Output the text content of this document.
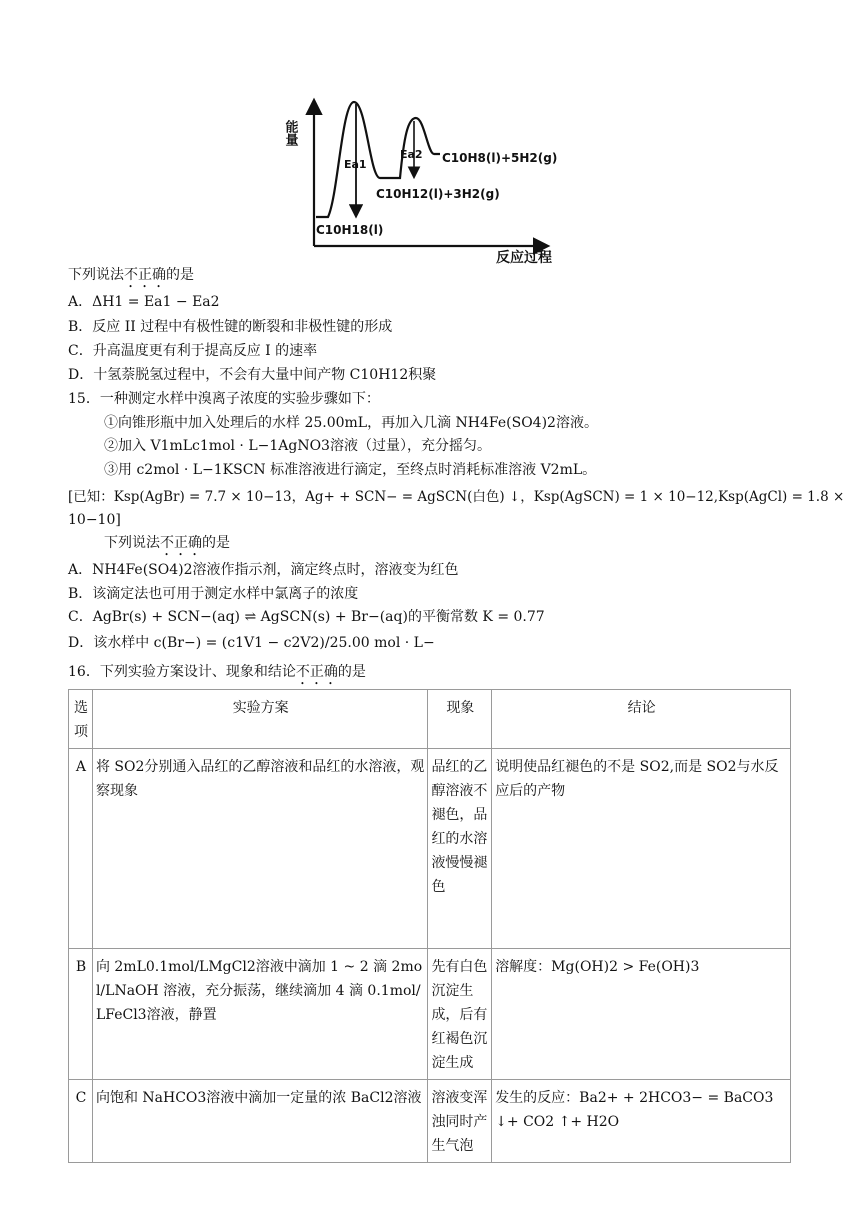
能量
反应过程
Ea1
Ea2
C10H18(l)
C10H12(l)+3H2(g)
C10H8(l)+5H2(g)
下列说法不正确的是
A．ΔH1 = Ea1 − Ea2
B．反应 II 过程中有极性键的断裂和非极性键的形成
C．升高温度更有利于提高反应 I 的速率
D．十氢萘脱氢过程中，不会有大量中间产物 C10H12积聚
15．一种测定水样中溴离子浓度的实验步骤如下：
①向锥形瓶中加入处理后的水样 25.00mL，再加入几滴 NH4Fe(SO4)2溶液。
②加入 V1mLc1mol · L−1AgNO3溶液（过量），充分摇匀。
③用 c2mol · L−1KSCN 标准溶液进行滴定，至终点时消耗标准溶液 V2mL。
[已知：Ksp(AgBr) = 7.7 × 10−13，Ag+ + SCN− = AgSCN(白色) ↓，Ksp(AgSCN) = 1 × 10−12,Ksp(AgCl) = 1.8 ×
10−10]
下列说法不正确的是
A．NH4Fe(SO4)2溶液作指示剂，滴定终点时，溶液变为红色
B．该滴定法也可用于测定水样中氯离子的浓度
C．AgBr(s) + SCN−(aq) ⇌ AgSCN(s) + Br−(aq)的平衡常数 K = 0.77
D．该水样中 c(Br−) = (c1V1 − c2V2)/25.00 mol · L−
16．下列实验方案设计、现象和结论不正确的是
选项	实验方案	现象	结论
A	将 SO2分别通入品红的乙醇溶液和品红的水溶液，观察现象	品红的乙醇溶液不褪色，品红的水溶液慢慢褪色	说明使品红褪色的不是 SO2,而是 SO2与水反应后的产物
B	向 2mL0.1mol/LMgCl2溶液中滴加 1 ~ 2 滴 2mol/LNaOH 溶液，充分振荡，继续滴加 4 滴 0.1mol/LFeCl3溶液，静置	先有白色沉淀生成，后有红褐色沉淀生成	溶解度：Mg(OH)2 > Fe(OH)3
C	向饱和 NaHCO3溶液中滴加一定量的浓 BaCl2溶液	溶液变浑浊同时产生气泡	发生的反应：Ba2+ + 2HCO3− = BaCO3 ↓+ CO2 ↑+ H2O
